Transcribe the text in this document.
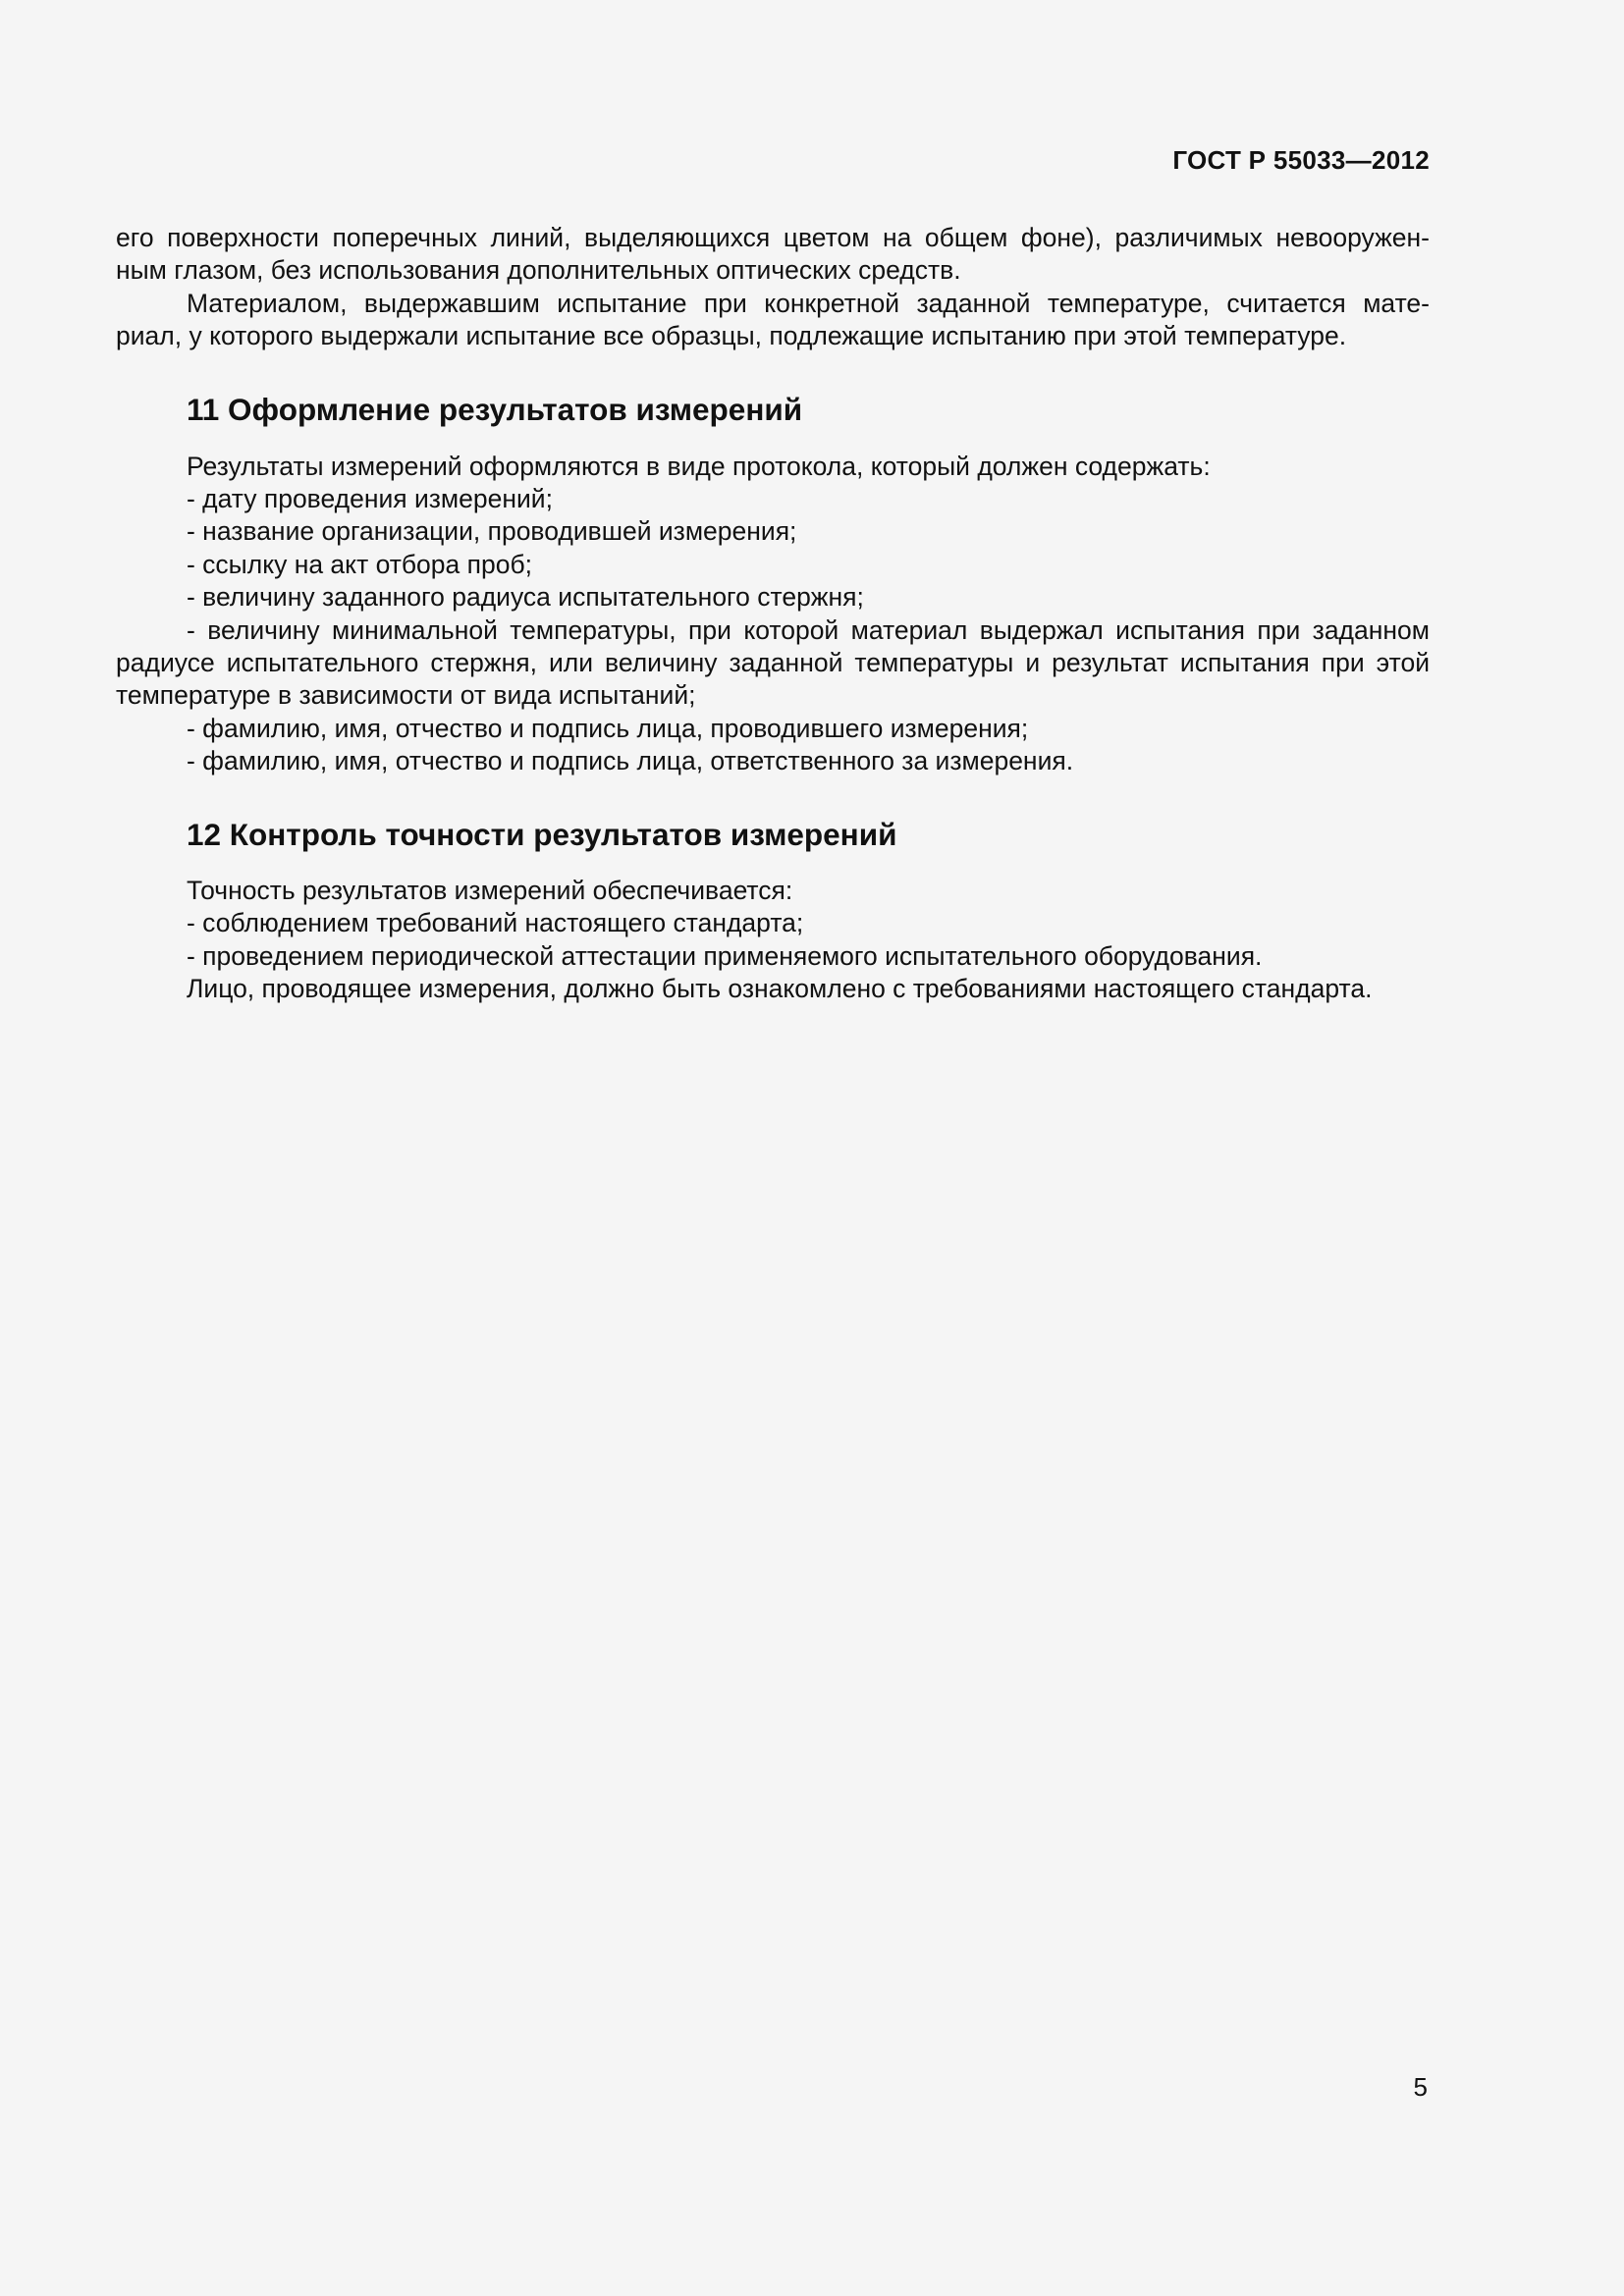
ГОСТ Р 55033—2012

его поверхности поперечных линий, выделяющихся цветом на общем фоне), различимых невооружен-

ным глазом, без использования дополнительных оптических средств.

Материалом, выдержавшим испытание при конкретной заданной температуре, считается мате-

риал, у которого выдержали испытание все образцы, подлежащие испытанию при этой температуре.

11 Оформление результатов измерений

Результаты измерений оформляются в виде протокола, который должен содержать:

- дату проведения измерений;

- название организации, проводившей измерения;

- ссылку на акт отбора проб;

- величину заданного радиуса испытательного стержня;

- величину минимальной температуры, при которой материал выдержал испытания при заданном

радиусе испытательного стержня, или величину заданной температуры и результат испытания при этой

температуре в зависимости от вида испытаний;

- фамилию, имя, отчество и подпись лица, проводившего измерения;

- фамилию, имя, отчество и подпись лица, ответственного за измерения.

12 Контроль точности результатов измерений

Точность результатов измерений обеспечивается:

- соблюдением требований настоящего стандарта;

- проведением периодической аттестации применяемого испытательного оборудования.

Лицо, проводящее измерения, должно быть ознакомлено с требованиями настоящего стандарта.

5
